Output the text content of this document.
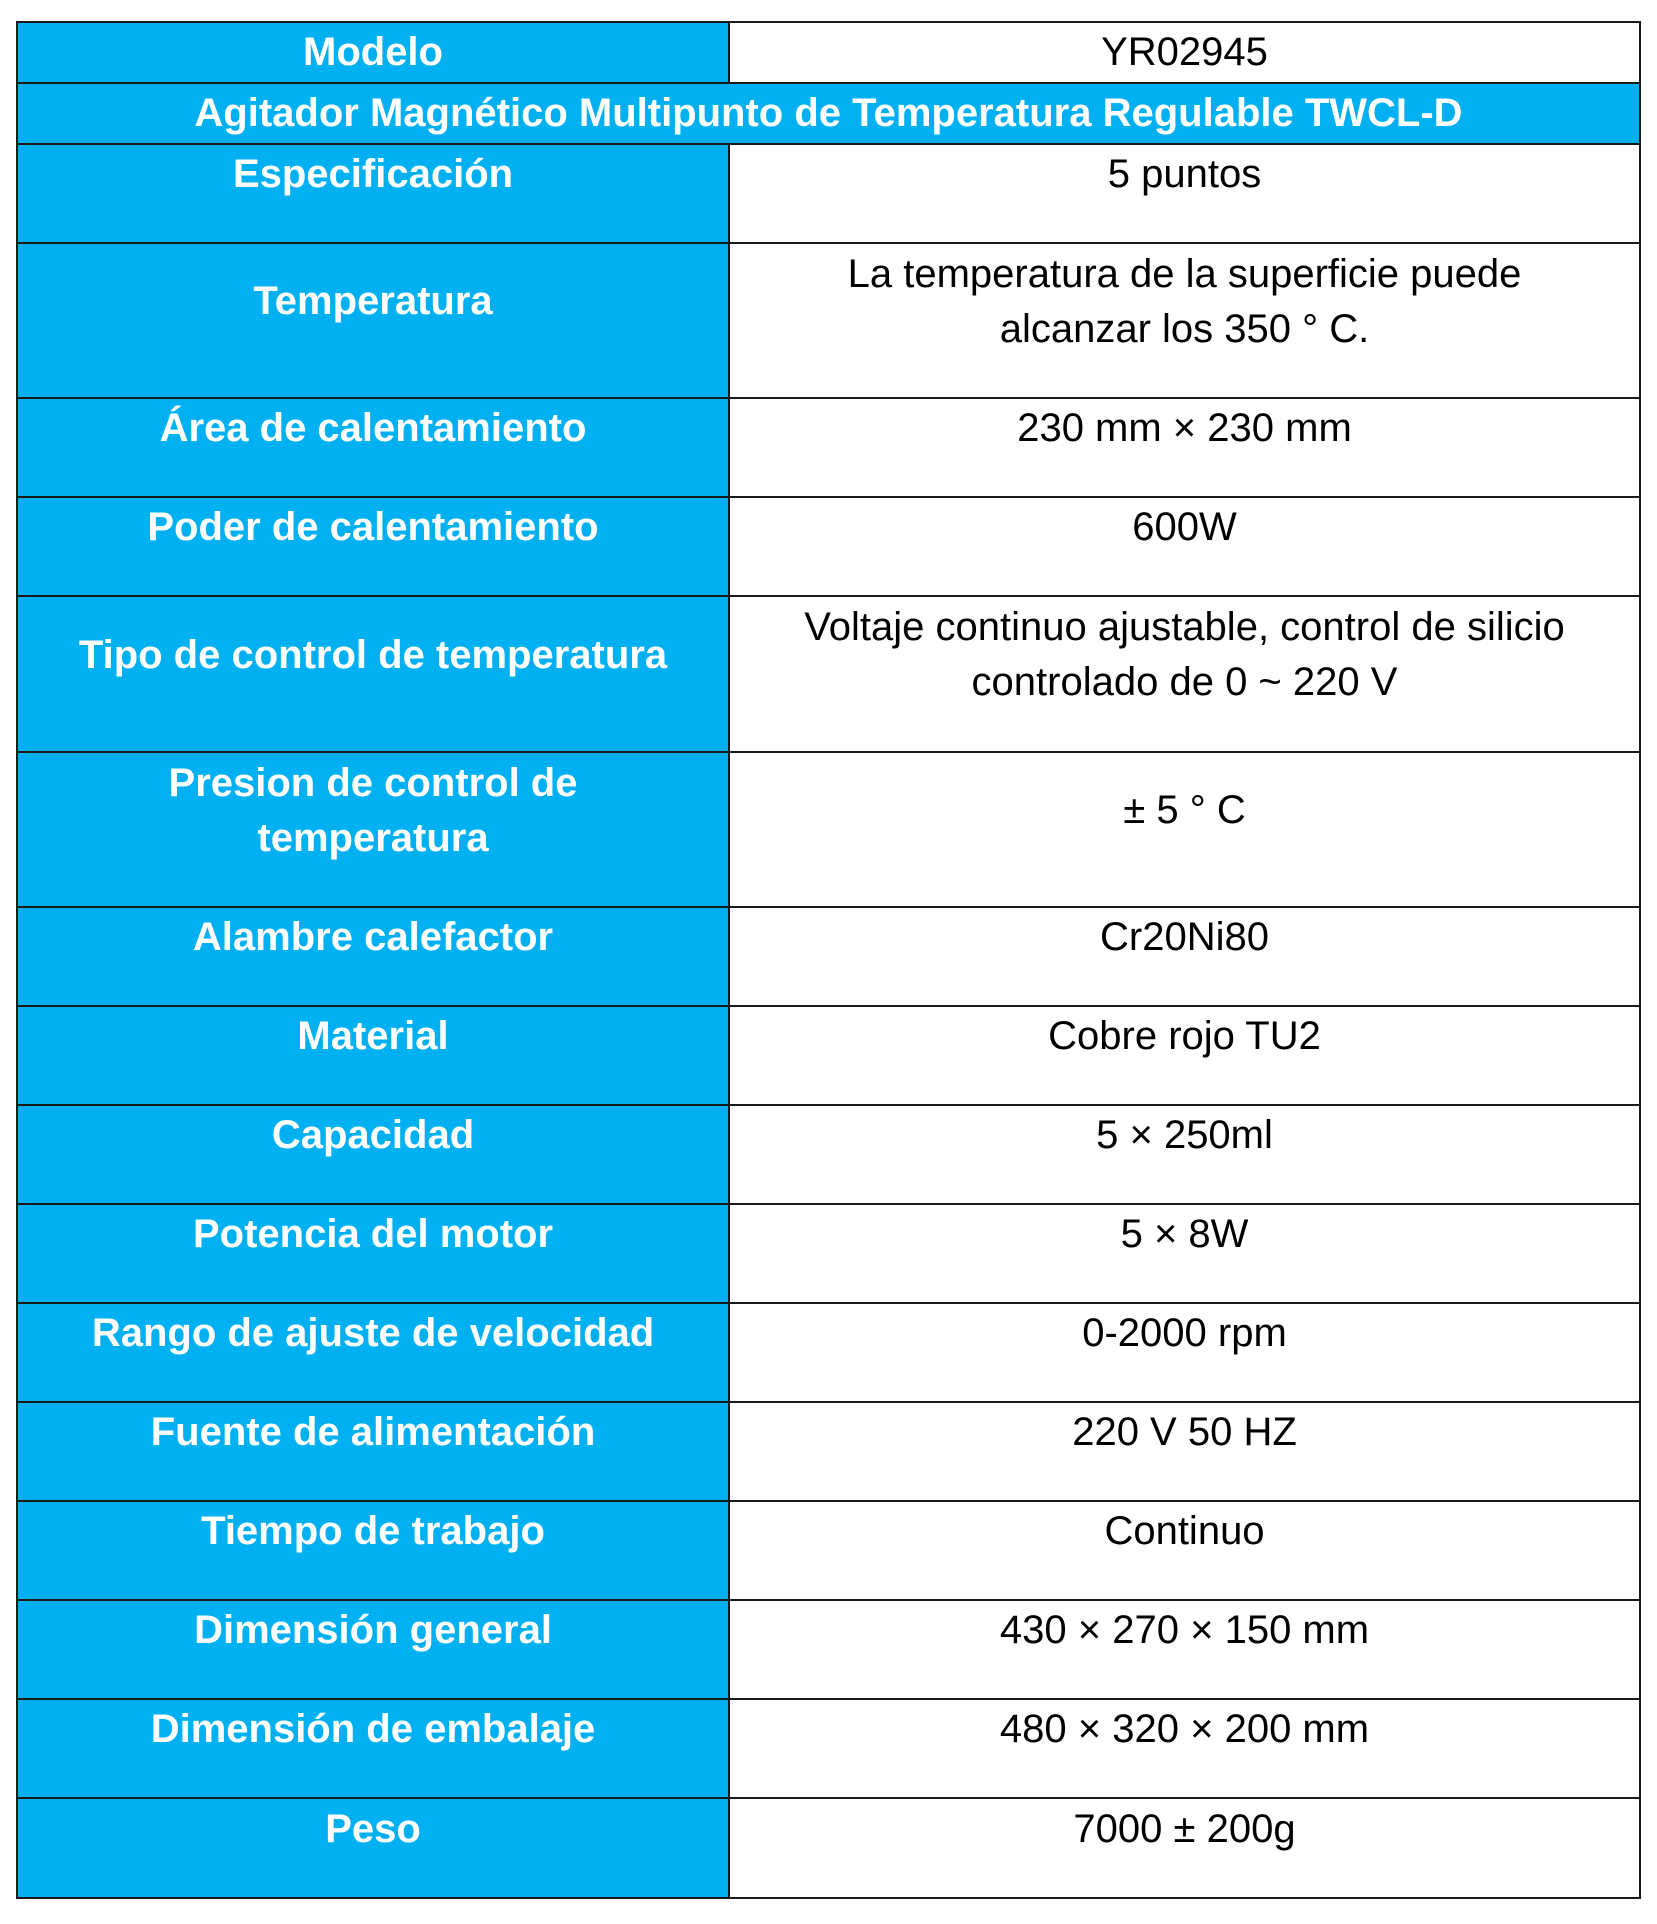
Modelo	YR02945
Agitador Magnético Multipunto de Temperatura Regulable TWCL-D	
Especificación	5 puntos
Temperatura	La temperatura de la superficie puede alcanzar los 350 ° C.
Área de calentamiento	230 mm × 230 mm
Poder de calentamiento	600W
Tipo de control de temperatura	Voltaje continuo ajustable, control de silicio controlado de 0 ~ 220 V
Presion de control de temperatura	± 5 ° C
Alambre calefactor	Cr20Ni80
Material	Cobre rojo TU2
Capacidad	5 × 250ml
Potencia del motor	5 × 8W
Rango de ajuste de velocidad	0-2000 rpm
Fuente de alimentación	220 V 50 HZ
Tiempo de trabajo	Continuo
Dimensión general	430 × 270 × 150 mm
Dimensión de embalaje	480 × 320 × 200 mm
Peso	7000 ± 200g
